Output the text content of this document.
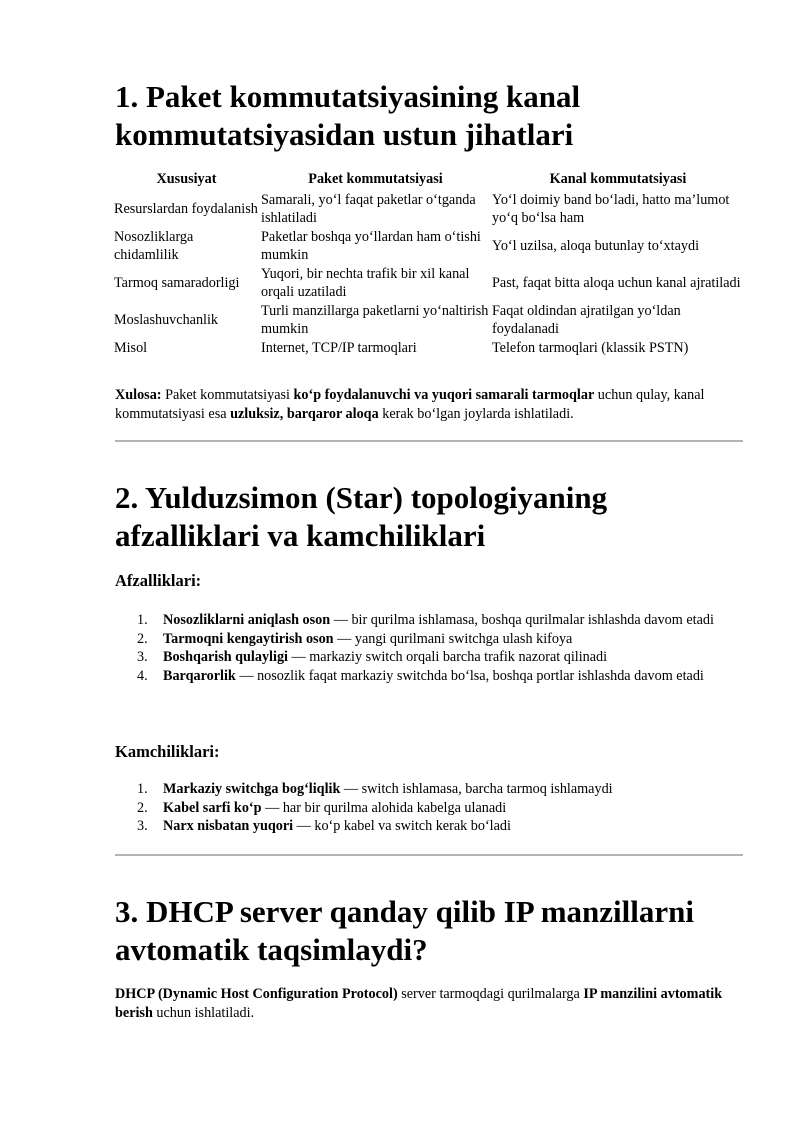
1. Paket kommutatsiyasining kanal kommutatsiyasidan ustun jihatlari
Xususiyat	Paket kommutatsiyasi	Kanal kommutatsiyasi
Resurslardan foydalanish	Samarali, yo‘l faqat paketlar o‘tganda ishlatiladi	Yo‘l doimiy band bo‘ladi, hatto ma’lumot yo‘q bo‘lsa ham
Nosozliklarga chidamlilik	Paketlar boshqa yo‘llardan ham o‘tishi mumkin	Yo‘l uzilsa, aloqa butunlay to‘xtaydi
Tarmoq samaradorligi	Yuqori, bir nechta trafik bir xil kanal orqali uzatiladi	Past, faqat bitta aloqa uchun kanal ajratiladi
Moslashuvchanlik	Turli manzillarga paketlarni yo‘naltirish mumkin	Faqat oldindan ajratilgan yo‘ldan foydalanadi
Misol	Internet, TCP/IP tarmoqlari	Telefon tarmoqlari (klassik PSTN)

Xulosa: Paket kommutatsiyasi ko‘p foydalanuvchi va yuqori samarali tarmoqlar uchun qulay, kanal kommutatsiyasi esa uzluksiz, barqaror aloqa kerak bo‘lgan joylarda ishlatiladi.

2. Yulduzsimon (Star) topologiyaning afzalliklari va kamchiliklari
Afzalliklari:
1. Nosozliklarni aniqlash oson — bir qurilma ishlamasa, boshqa qurilmalar ishlashda davom etadi
2. Tarmoqni kengaytirish oson — yangi qurilmani switchga ulash kifoya
3. Boshqarish qulayligi — markaziy switch orqali barcha trafik nazorat qilinadi
4. Barqarorlik — nosozlik faqat markaziy switchda bo‘lsa, boshqa portlar ishlashda davom etadi
Kamchiliklari:
1. Markaziy switchga bog‘liqlik — switch ishlamasa, barcha tarmoq ishlamaydi
2. Kabel sarfi ko‘p — har bir qurilma alohida kabelga ulanadi
3. Narx nisbatan yuqori — ko‘p kabel va switch kerak bo‘ladi
3. DHCP server qanday qilib IP manzillarni avtomatik taqsimlaydi?

DHCP (Dynamic Host Configuration Protocol) server tarmoqdagi qurilmalarga IP manzilini avtomatik berish uchun ishlatiladi.
